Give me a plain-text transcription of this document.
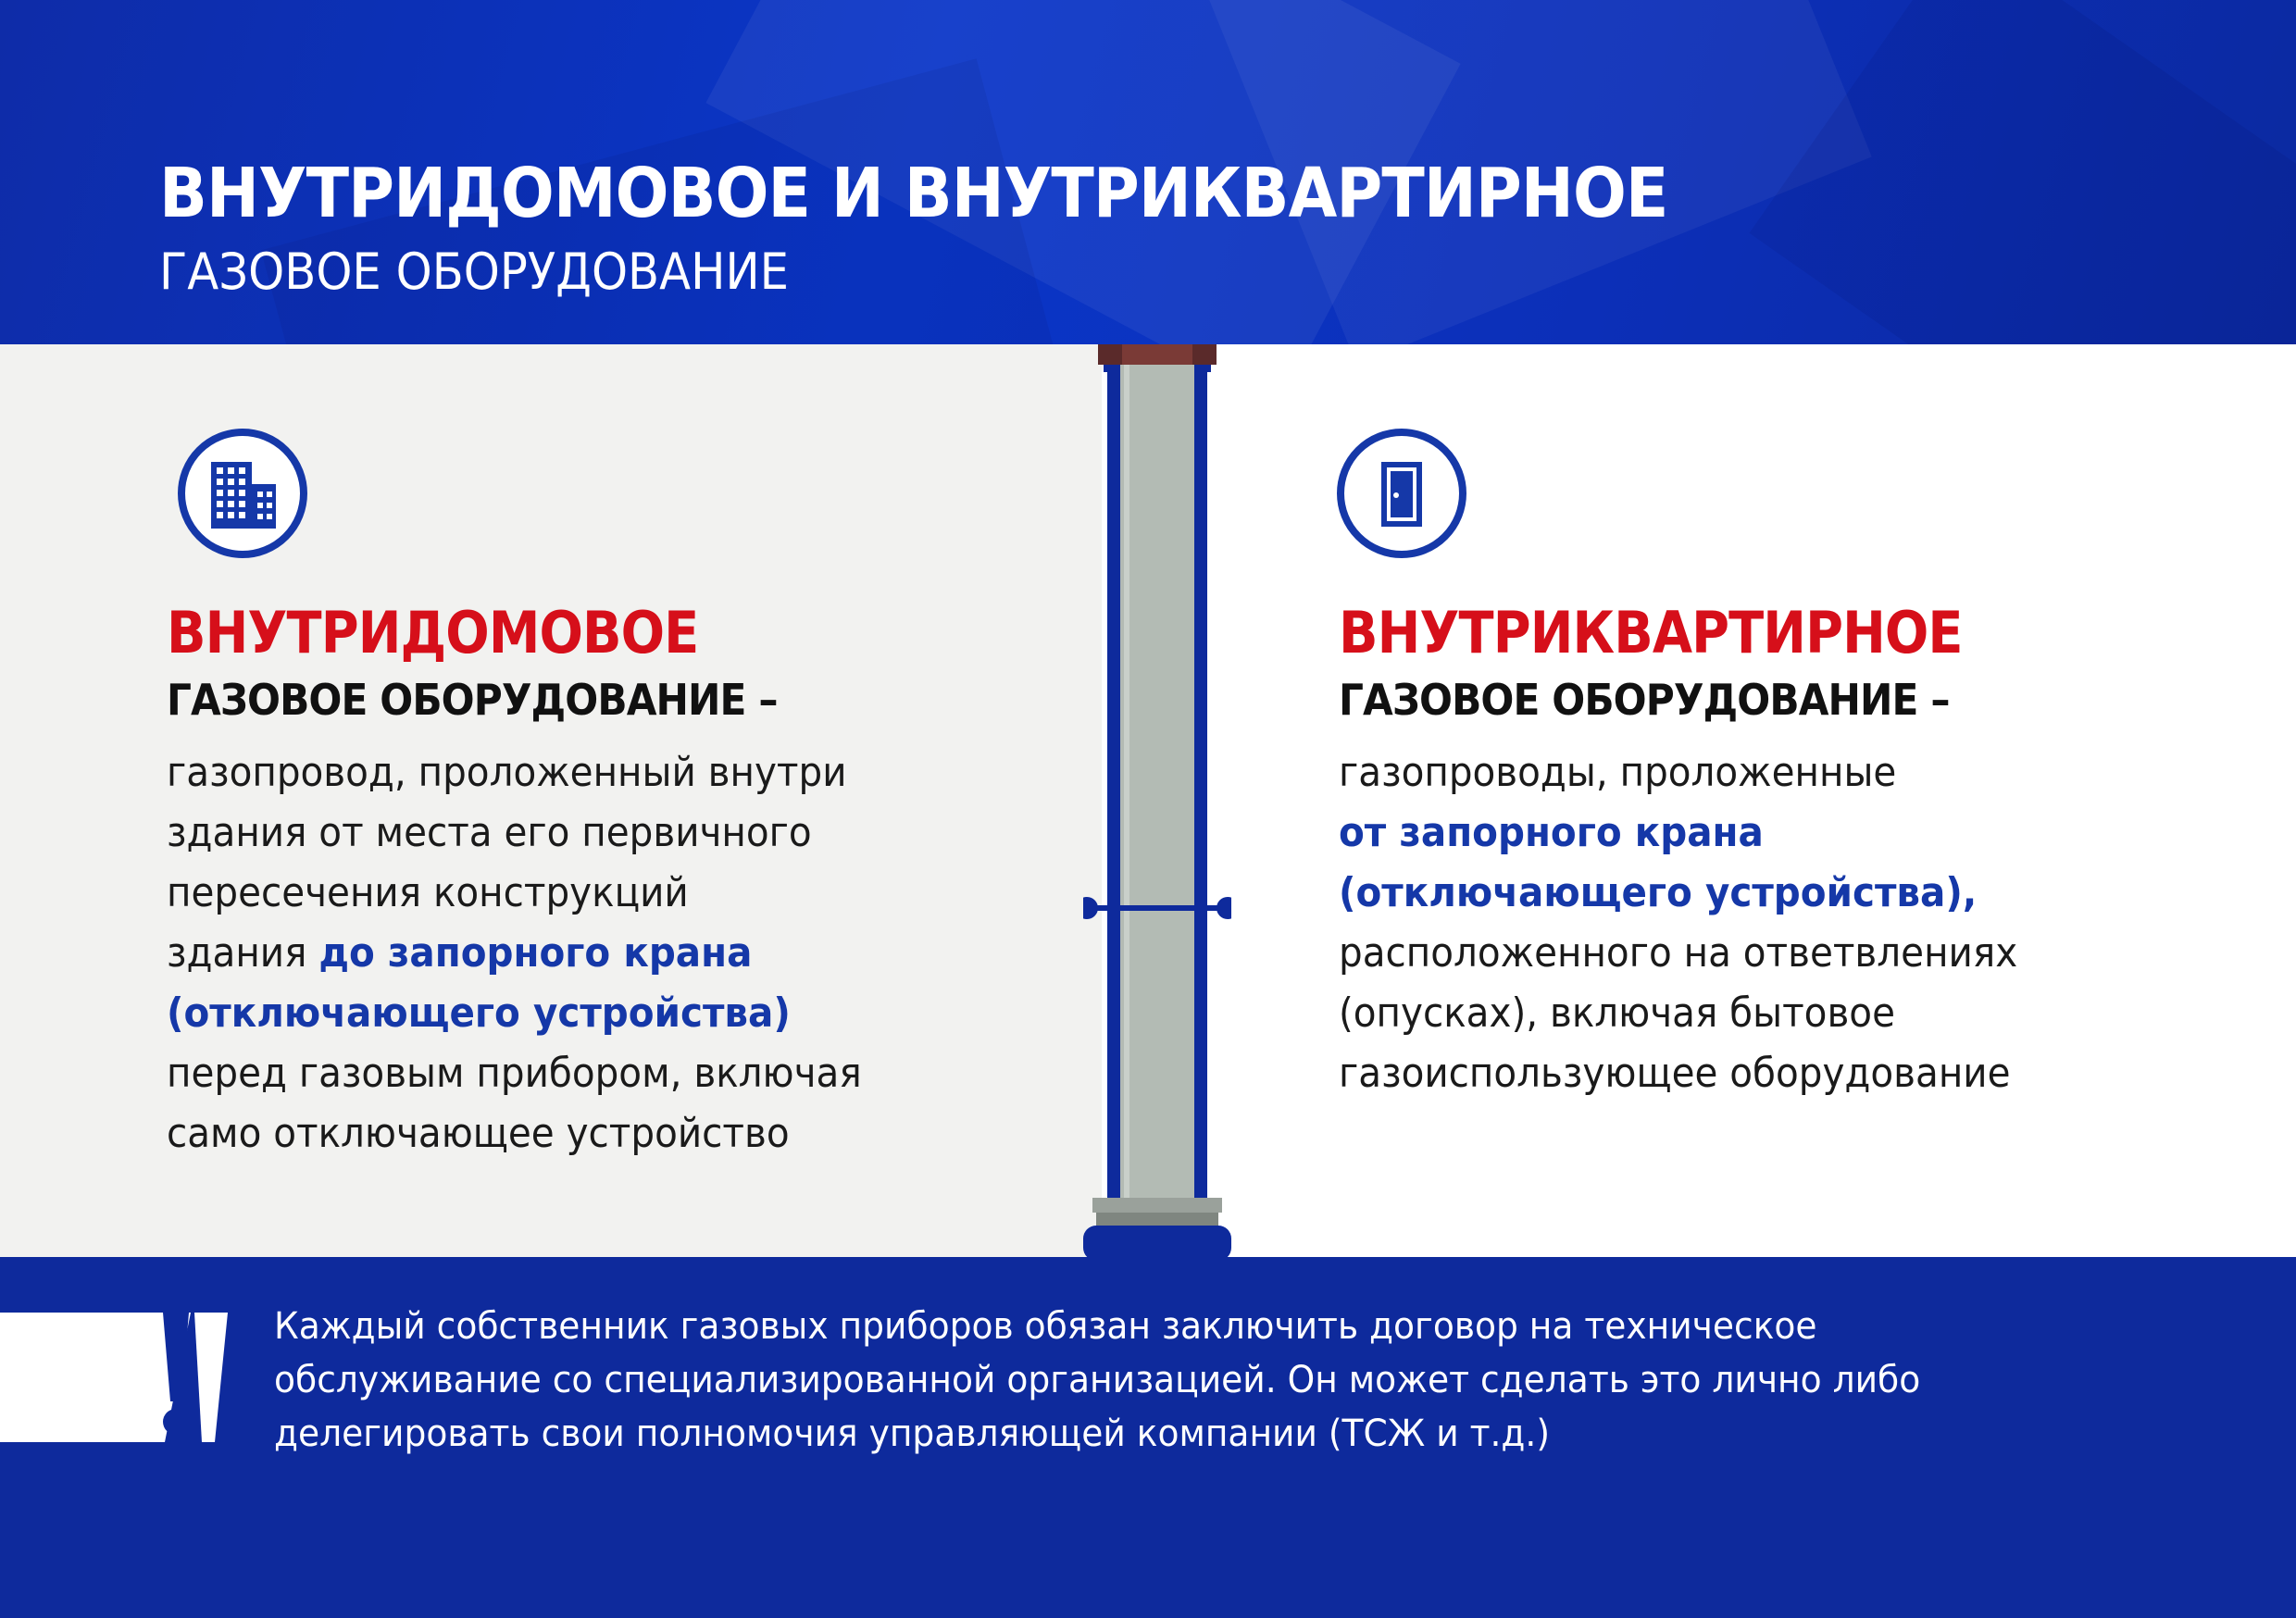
ВНУТРИДОМОВОЕ И ВНУТРИКВАРТИРНОЕ
ГАЗОВОЕ ОБОРУДОВАНИЕ
ВНУТРИДОМОВОЕ
ГАЗОВОЕ ОБОРУДОВАНИЕ –
газопровод, проложенный внутри
здания от места его первичного
пересечения конструкций
здания до запорного крана
(отключающего устройства)
перед газовым прибором, включая
само отключающее устройство
ВНУТРИКВАРТИРНОЕ
ГАЗОВОЕ ОБОРУДОВАНИЕ –
газопроводы, проложенные
от запорного крана
(отключающего устройства),
расположенного на ответвлениях
(опусках), включая бытовое
газоиспользующее оборудование
Каждый собственник газовых приборов обязан заключить договор на техническое
обслуживание со специализированной организацией. Он может сделать это лично либо
делегировать свои полномочия управляющей компании (ТСЖ и т.д.)
